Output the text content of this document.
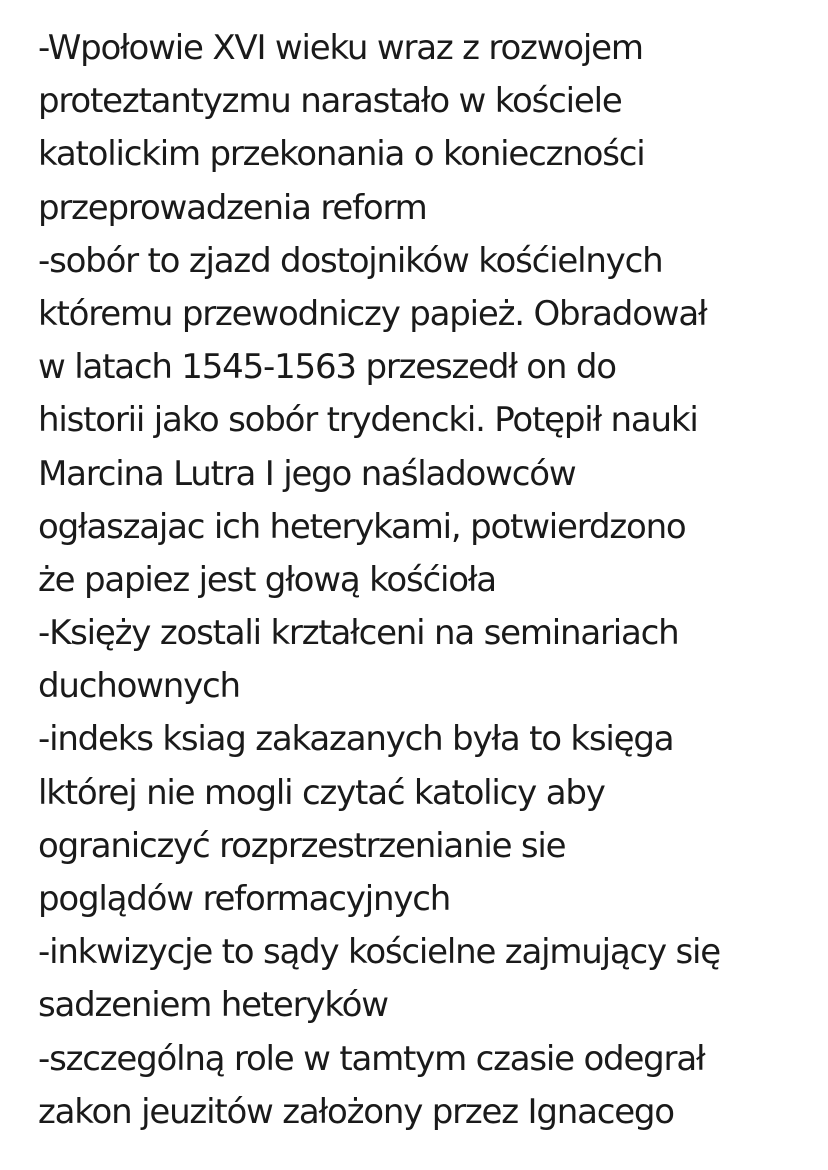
-Wpołowie XVI wieku wraz z rozwojem
proteztantyzmu narastało w kościele
katolickim przekonania o konieczności
przeprowadzenia reform
-sobór to zjazd dostojników kośćielnych
któremu przewodniczy papież. Obradował
w latach 1545-1563 przeszedł on do
historii jako sobór trydencki. Potępił nauki
Marcina Lutra I jego naśladowców
ogłaszajac ich heterykami, potwierdzono
że papiez jest głową kośćioła
-Księży zostali krztałceni na seminariach
duchownych
-indeks ksiag zakazanych była to księga
lktórej nie mogli czytać katolicy aby
ograniczyć rozprzestrzenianie sie
poglądów reformacyjnych
-inkwizycje to sądy kościelne zajmujący się
sadzeniem heteryków
-szczególną role w tamtym czasie odegrał
zakon jeuzitów założony przez Ignacego
